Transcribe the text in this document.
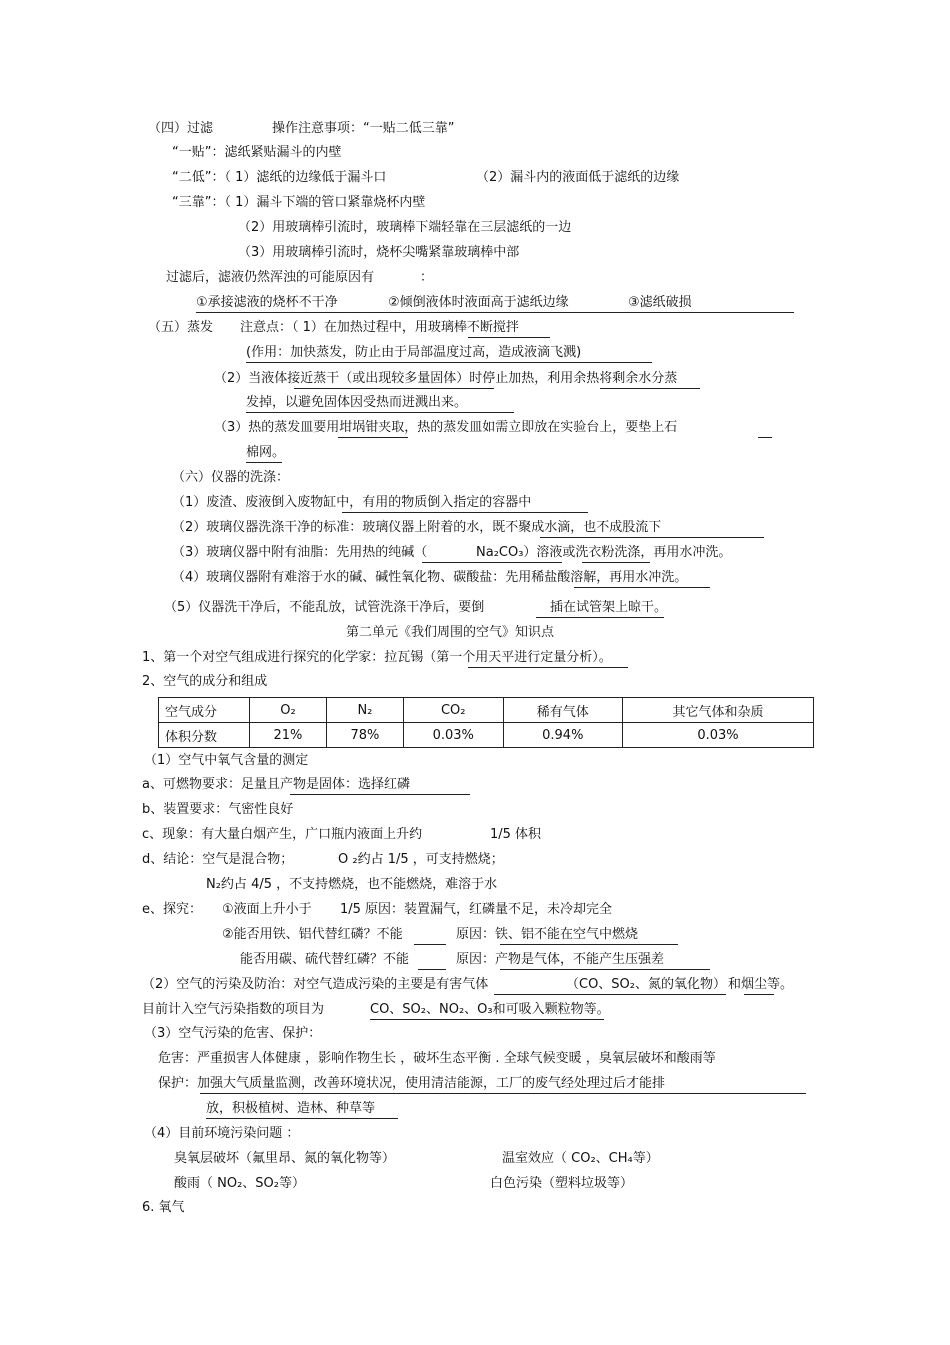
（四）过滤	操作注意事项：“一贴二低三靠”
“一贴”：滤纸紧贴漏斗的内壁
“二低”：（ 1）滤纸的边缘低于漏斗口	（2）漏斗内的液面低于滤纸的边缘
“三靠”：（ 1）漏斗下端的管口紧靠烧杯内壁
（2）用玻璃棒引流时，玻璃棒下端轻靠在三层滤纸的一边
（3）用玻璃棒引流时，烧杯尖嘴紧靠玻璃棒中部
过滤后，滤液仍然浑浊的可能原因有	：
①承接滤液的烧杯不干净	②倾倒液体时液面高于滤纸边缘	③滤纸破损
（五）蒸发 注意点：（ 1）在加热过程中，用玻璃棒不断搅拌
(作用：加快蒸发，防止由于局部温度过高，造成液滴飞溅)
（2）当液体接近蒸干（或出现较多量固体）时停止加热，利用余热将剩余水分蒸
发掉，以避免固体因受热而迸溅出来。
（3）热的蒸发皿要用坩埚钳夹取，热的蒸发皿如需立即放在实验台上，要垫上石
棉网。
（六）仪器的洗涤：
（1）废渣、废液倒入废物缸中，有用的物质倒入指定的容器中
（2）玻璃仪器洗涤干净的标准：玻璃仪器上附着的水，既不聚成水滴，也不成股流下
（3）玻璃仪器中附有油脂：先用热的纯碱（	Na₂CO₃）溶液或洗衣粉洗涤，再用水冲洗。
（4）玻璃仪器附有难溶于水的碱、碱性氧化物、碳酸盐：先用稀盐酸溶解，再用水冲洗。
（5）仪器洗干净后，不能乱放，试管洗涤干净后，要倒	插在试管架上晾干。
第二单元《我们周围的空气》知识点
1、第一个对空气组成进行探究的化学家：拉瓦锡（第一个用天平进行定量分析）。
2、空气的成分和组成
空气成分	O₂	N₂	CO₂	稀有气体	其它气体和杂质
体积分数	21%	78%	0.03%	0.94%	0.03%
（1）空气中氧气含量的测定
a、可燃物要求：足量且产物是固体：选择红磷
b、装置要求：气密性良好
c、现象：有大量白烟产生，广口瓶内液面上升约	1/5 体积
d、结论：空气是混合物；	O ₂约占 1/5 ，可支持燃烧；
N₂约占 4/5 ，不支持燃烧，也不能燃烧，难溶于水
e、探究： ①液面上升小于 1/5 原因：装置漏气，红磷量不足，未冷却完全
②能否用铁、铝代替红磷？不能	原因：铁、铝不能在空气中燃烧
能否用碳、硫代替红磷？不能	原因：产物是气体，不能产生压强差
（2）空气的污染及防治：对空气造成污染的主要是有害气体	（CO、SO₂、氮的氧化物） 和烟尘等。
目前计入空气污染指数的项目为	CO、SO₂、NO₂、O₃和可吸入颗粒物等。
（3）空气污染的危害、保护：
危害：严重损害人体健康 ，影响作物生长 ，破坏生态平衡 . 全球气候变暖 ，臭氧层破坏和酸雨等
保护：加强大气质量监测，改善环境状况，使用清洁能源，工厂的废气经处理过后才能排
放，积极植树、造林、种草等
（4）目前环境污染问题 ：
臭氧层破坏（氟里昂、氮的氧化物等）	温室效应（ CO₂、CH₄等）
酸雨（ NO₂、SO₂等）	白色污染（塑料垃圾等）
6. 氧气
